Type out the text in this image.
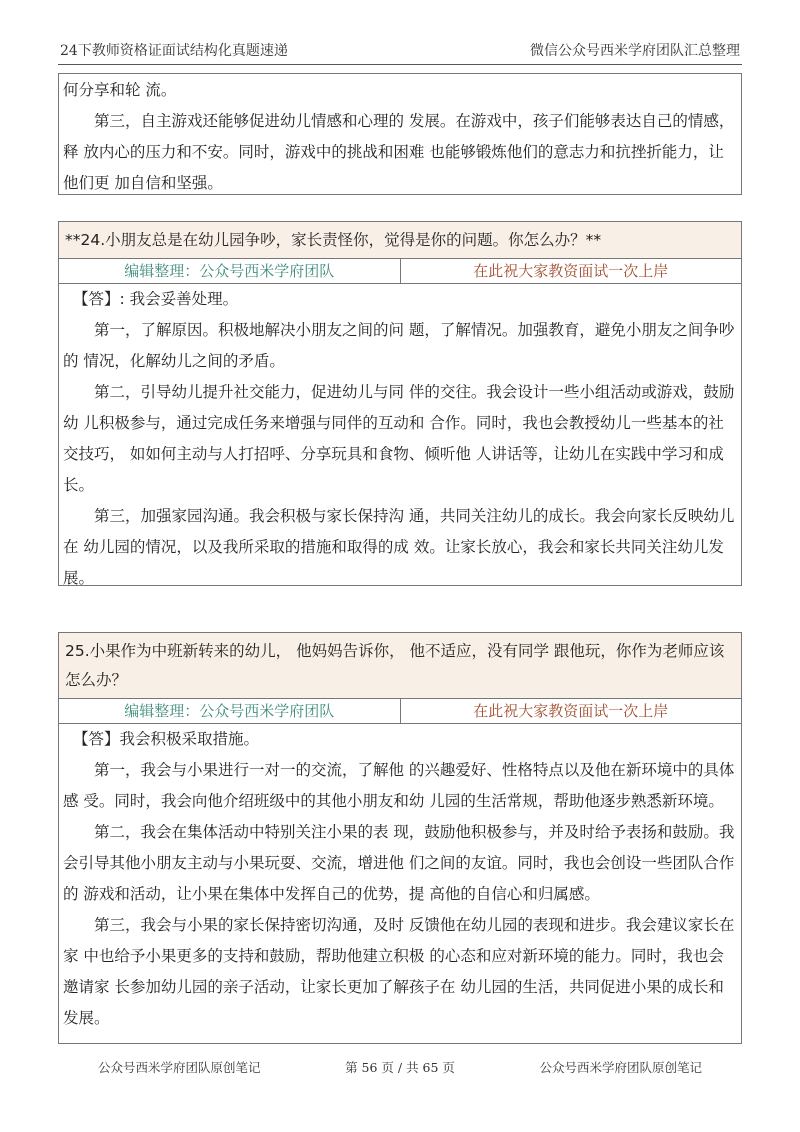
24下教师资格证面试结构化真题速递	微信公众号西米学府团队汇总整理

何分享和轮 流。

第三，自主游戏还能够促进幼儿情感和心理的 发展。在游戏中，孩子们能够表达自己的情感，释 放内心的压力和不安。同时，游戏中的挑战和困难 也能够锻炼他们的意志力和抗挫折能力，让他们更 加自信和坚强。

**24.小朋友总是在幼儿园争吵，家长责怪你，觉得是你的问题。你怎么办？**
编辑整理：公众号西米学府团队	在此祝大家教资面试一次上岸

【答】: 我会妥善处理。

第一，了解原因。积极地解决小朋友之间的问 题，了解情况。加强教育，避免小朋友之间争吵的 情况，化解幼儿之间的矛盾。

第二，引导幼儿提升社交能力，促进幼儿与同 伴的交往。我会设计一些小组活动或游戏，鼓励幼 儿积极参与，通过完成任务来增强与同伴的互动和 合作。同时，我也会教授幼儿一些基本的社交技巧， 如如何主动与人打招呼、分享玩具和食物、倾听他 人讲话等，让幼儿在实践中学习和成长。

第三，加强家园沟通。我会积极与家长保持沟 通，共同关注幼儿的成长。我会向家长反映幼儿在 幼儿园的情况，以及我所采取的措施和取得的成 效。让家长放心，我会和家长共同关注幼儿发展。

25.小果作为中班新转来的幼儿， 他妈妈告诉你， 他不适应，没有同学 跟他玩，你作为老师应该怎么办？
编辑整理：公众号西米学府团队	在此祝大家教资面试一次上岸

【答】我会积极采取措施。

第一，我会与小果进行一对一的交流，了解他 的兴趣爱好、性格特点以及他在新环境中的具体感 受。同时，我会向他介绍班级中的其他小朋友和幼 儿园的生活常规，帮助他逐步熟悉新环境。

第二，我会在集体活动中特别关注小果的表 现，鼓励他积极参与，并及时给予表扬和鼓励。我 会引导其他小朋友主动与小果玩耍、交流，增进他 们之间的友谊。同时，我也会创设一些团队合作的 游戏和活动，让小果在集体中发挥自己的优势，提 高他的自信心和归属感。

第三，我会与小果的家长保持密切沟通，及时 反馈他在幼儿园的表现和进步。我会建议家长在家 中也给予小果更多的支持和鼓励，帮助他建立积极 的心态和应对新环境的能力。同时，我也会邀请家 长参加幼儿园的亲子活动，让家长更加了解孩子在 幼儿园的生活，共同促进小果的成长和发展。

公众号西米学府团队原创笔记	第 56 页 / 共 65 页	公众号西米学府团队原创笔记
